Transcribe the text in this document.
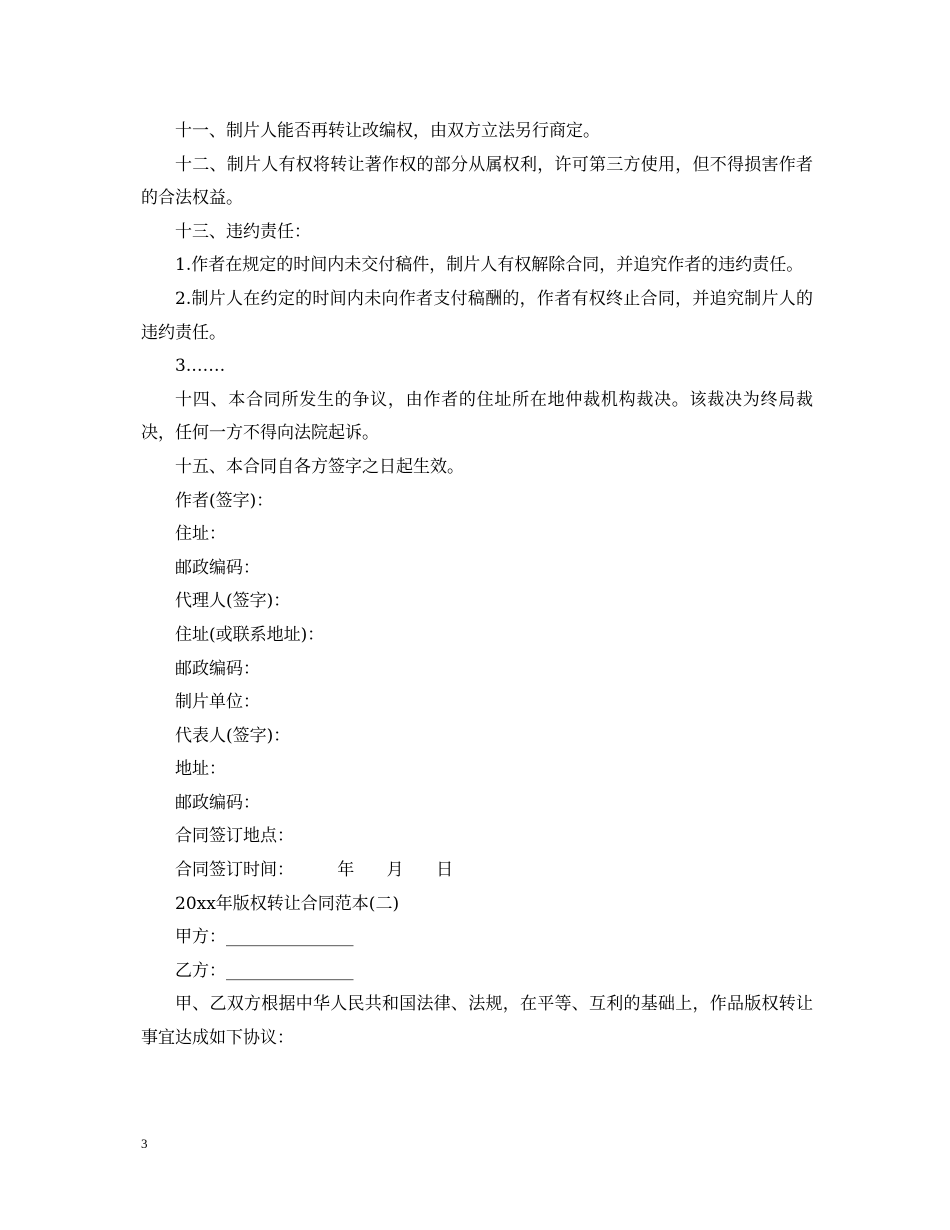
十一、制片人能否再转让改编权，由双方立法另行商定。

十二、制片人有权将转让著作权的部分从属权利，许可第三方使用，但不得损害作者的合法权益。

十三、违约责任：

1.作者在规定的时间内未交付稿件，制片人有权解除合同，并追究作者的违约责任。

2.制片人在约定的时间内未向作者支付稿酬的，作者有权终止合同，并追究制片人的违约责任。

3.……

十四、本合同所发生的争议，由作者的住址所在地仲裁机构裁决。该裁决为终局裁决，任何一方不得向法院起诉。

十五、本合同自各方签字之日起生效。

作者(签字)：

住址：

邮政编码：

代理人(签字)：

住址(或联系地址)：

邮政编码：

制片单位：

代表人(签字)：

地址：

邮政编码：

合同签订地点：

合同签订时间：        年      月      日

20xx年版权转让合同范本(二)

甲方：_______________

乙方：_______________

甲、乙双方根据中华人民共和国法律、法规，在平等、互利的基础上，作品版权转让事宜达成如下协议：

3
